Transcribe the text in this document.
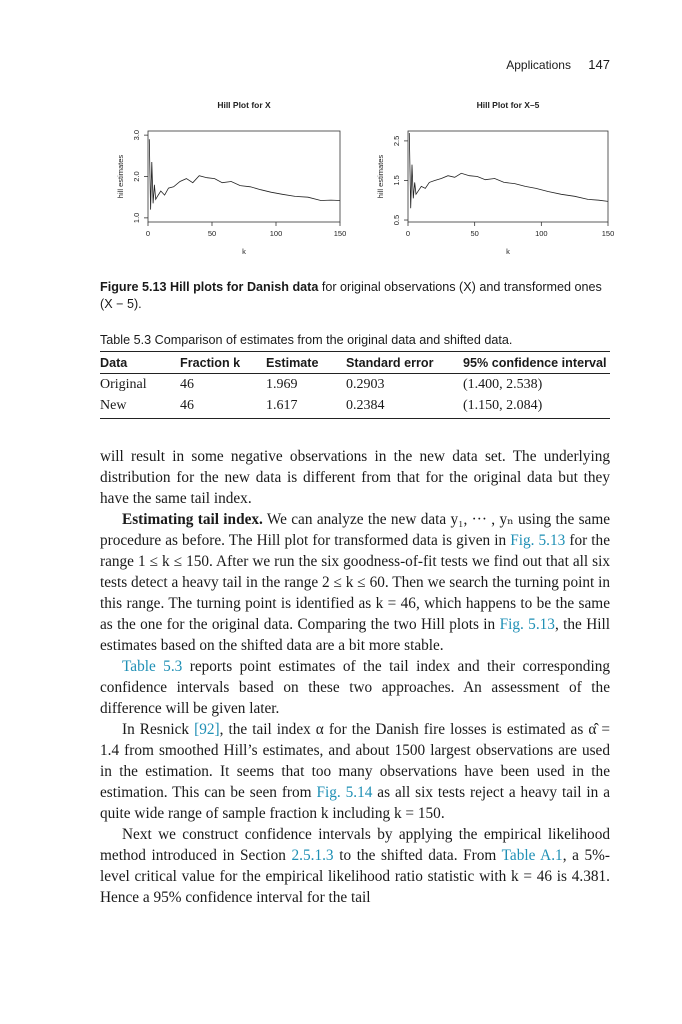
Applications 147
Hill Plot for X
0	50	100	150
1.0
2.0
3.0
k
hill estimates
Hill Plot for X–5
0	50	100	150
0.5
1.5
2.5
k
hill estimates
Figure 5.13 Hill plots for Danish data for original observations (X) and transformed ones (X − 5).
Table 5.3 Comparison of estimates from the original data and shifted data.
Data	Fraction k	Estimate	Standard error	95% confidence interval
Original	46	1.969	0.2903	(1.400, 2.538)
New	46	1.617	0.2384	(1.150, 2.084)

will result in some negative observations in the new data set. The underlying distribution for the new data is different from that for the original data but they have the same tail index.

Estimating tail index. We can analyze the new data y₁, ··· , yₙ using the same procedure as before. The Hill plot for transformed data is given in Fig. 5.13 for the range 1 ≤ k ≤ 150. After we run the six goodness-of-fit tests we find out that all six tests detect a heavy tail in the range 2 ≤ k ≤ 60. Then we search the turning point in this range. The turning point is identified as k = 46, which happens to be the same as the one for the original data. Comparing the two Hill plots in Fig. 5.13, the Hill estimates based on the shifted data are a bit more stable.

Table 5.3 reports point estimates of the tail index and their corresponding confidence intervals based on these two approaches. An assessment of the difference will be given later.

In Resnick [92], the tail index α for the Danish fire losses is estimated as α̂ = 1.4 from smoothed Hill’s estimates, and about 1500 largest observations are used in the estimation. It seems that too many observations have been used in the estimation. This can be seen from Fig. 5.14 as all six tests reject a heavy tail in a quite wide range of sample fraction k including k = 150.

Next we construct confidence intervals by applying the empirical likelihood method introduced in Section 2.5.1.3 to the shifted data. From Table A.1, a 5%-level critical value for the empirical likelihood ratio statistic with k = 46 is 4.381. Hence a 95% confidence interval for the tail
